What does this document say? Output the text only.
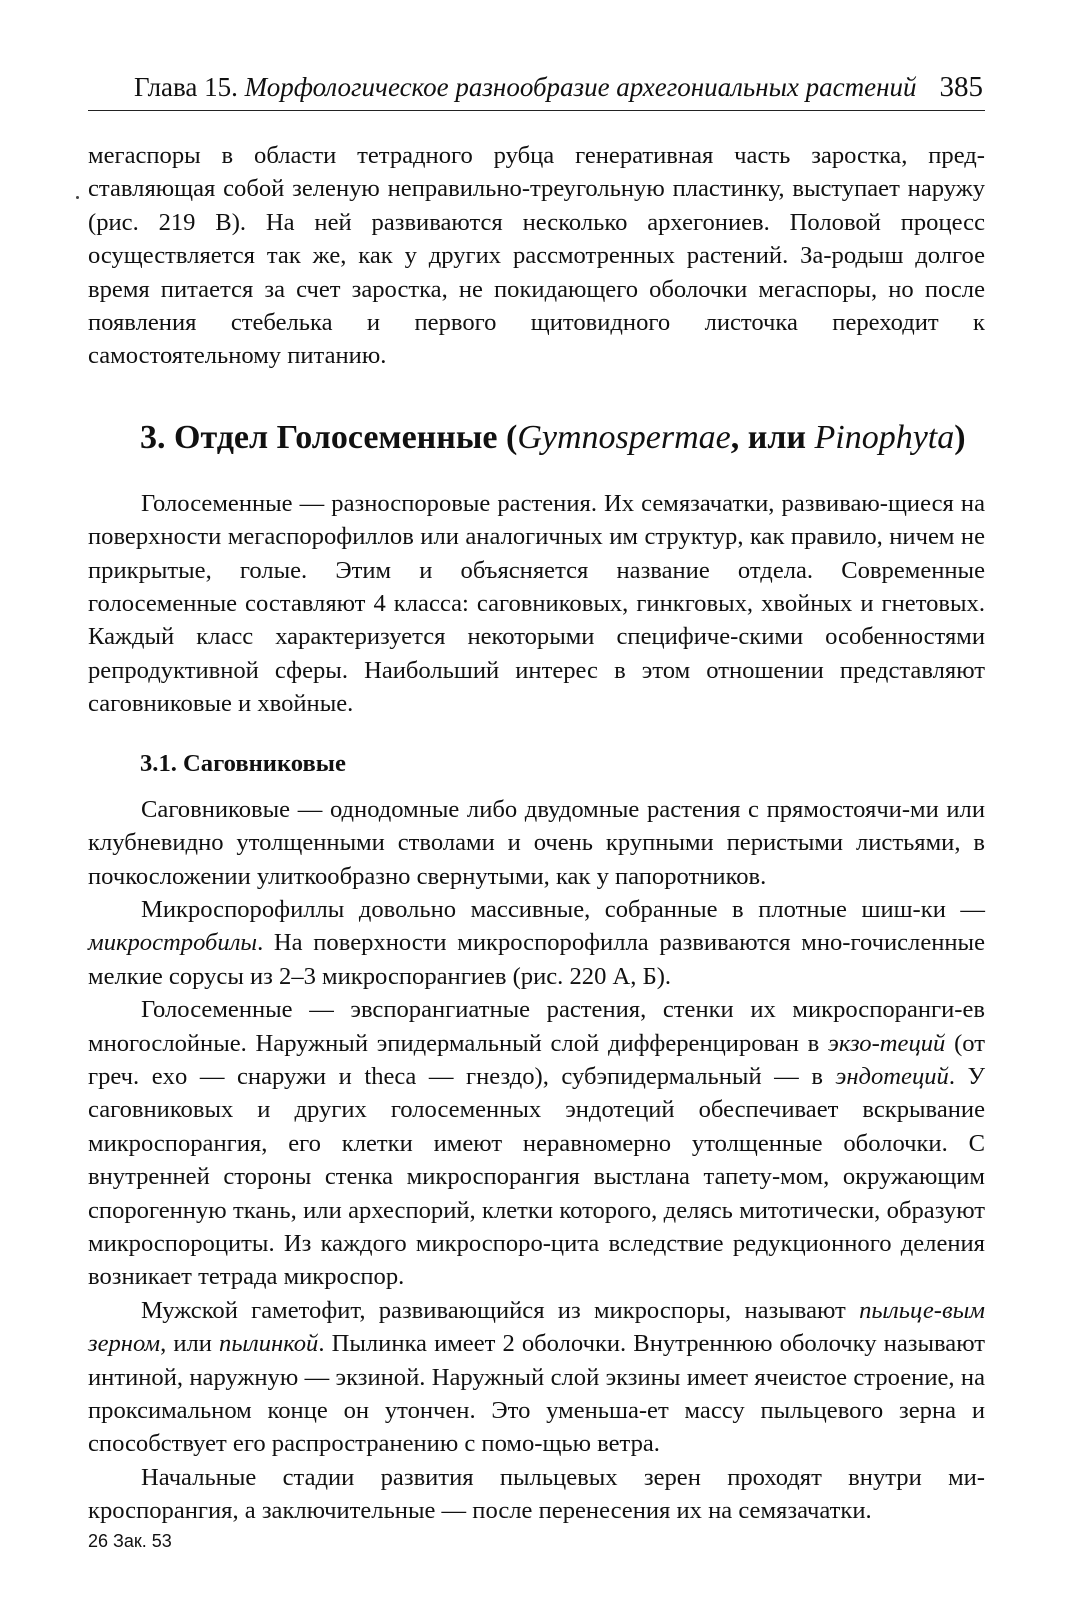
Глава 15. Морфологическое разнообразие архегониальных растений 385

мегаспоры в области тетрадного рубца генеративная часть заростка, пред-ставляющая собой зеленую неправильно-треугольную пластинку, выступает наружу (рис. 219 В). На ней развиваются несколько архегониев. Половой процесс осуществляется так же, как у других рассмотренных растений. За-родыш долгое время питается за счет заростка, не покидающего оболочки мегаспоры, но после появления стебелька и первого щитовидного листочка переходит к самостоятельному питанию.

3. Отдел Голосеменные (Gymnospermae, или Pinophyta)

Голосеменные — разноспоровые растения. Их семязачатки, развиваю-щиеся на поверхности мегаспорофиллов или аналогичных им структур, как правило, ничем не прикрытые, голые. Этим и объясняется название отдела. Современные голосеменные составляют 4 класса: саговниковых, гинкговых, хвойных и гнетовых. Каждый класс характеризуется некоторыми специфиче-скими особенностями репродуктивной сферы. Наибольший интерес в этом отношении представляют саговниковые и хвойные.

3.1. Саговниковые

Саговниковые — однодомные либо двудомные растения с прямостоячи-ми или клубневидно утолщенными стволами и очень крупными перистыми листьями, в почкосложении улиткообразно свернутыми, как у папоротников.

Микроспорофиллы довольно массивные, собранные в плотные шиш-ки — микростробилы. На поверхности микроспорофилла развиваются мно-гочисленные мелкие сорусы из 2–3 микроспорангиев (рис. 220 А, Б).

Голосеменные — эвспорангиатные растения, стенки их микроспоранги-ев многослойные. Наружный эпидермальный слой дифференцирован в экзо-теций (от греч. exo — снаружи и theca — гнездо), субэпидермальный — в эндотеций. У саговниковых и других голосеменных эндотеций обеспечивает вскрывание микроспорангия, его клетки имеют неравномерно утолщенные оболочки. С внутренней стороны стенка микроспорангия выстлана тапету-мом, окружающим спорогенную ткань, или археспорий, клетки которого, делясь митотически, образуют микроспороциты. Из каждого микроспоро-цита вследствие редукционного деления возникает тетрада микроспор.

Мужской гаметофит, развивающийся из микроспоры, называют пыльце-вым зерном, или пылинкой. Пылинка имеет 2 оболочки. Внутреннюю оболочку называют интиной, наружную — экзиной. Наружный слой экзины имеет ячеистое строение, на проксимальном конце он утончен. Это уменьша-ет массу пыльцевого зерна и способствует его распространению с помо-щью ветра.

Начальные стадии развития пыльцевых зерен проходят внутри ми-кроспорангия, а заключительные — после перенесения их на семязачатки.

26 Зак. 53
